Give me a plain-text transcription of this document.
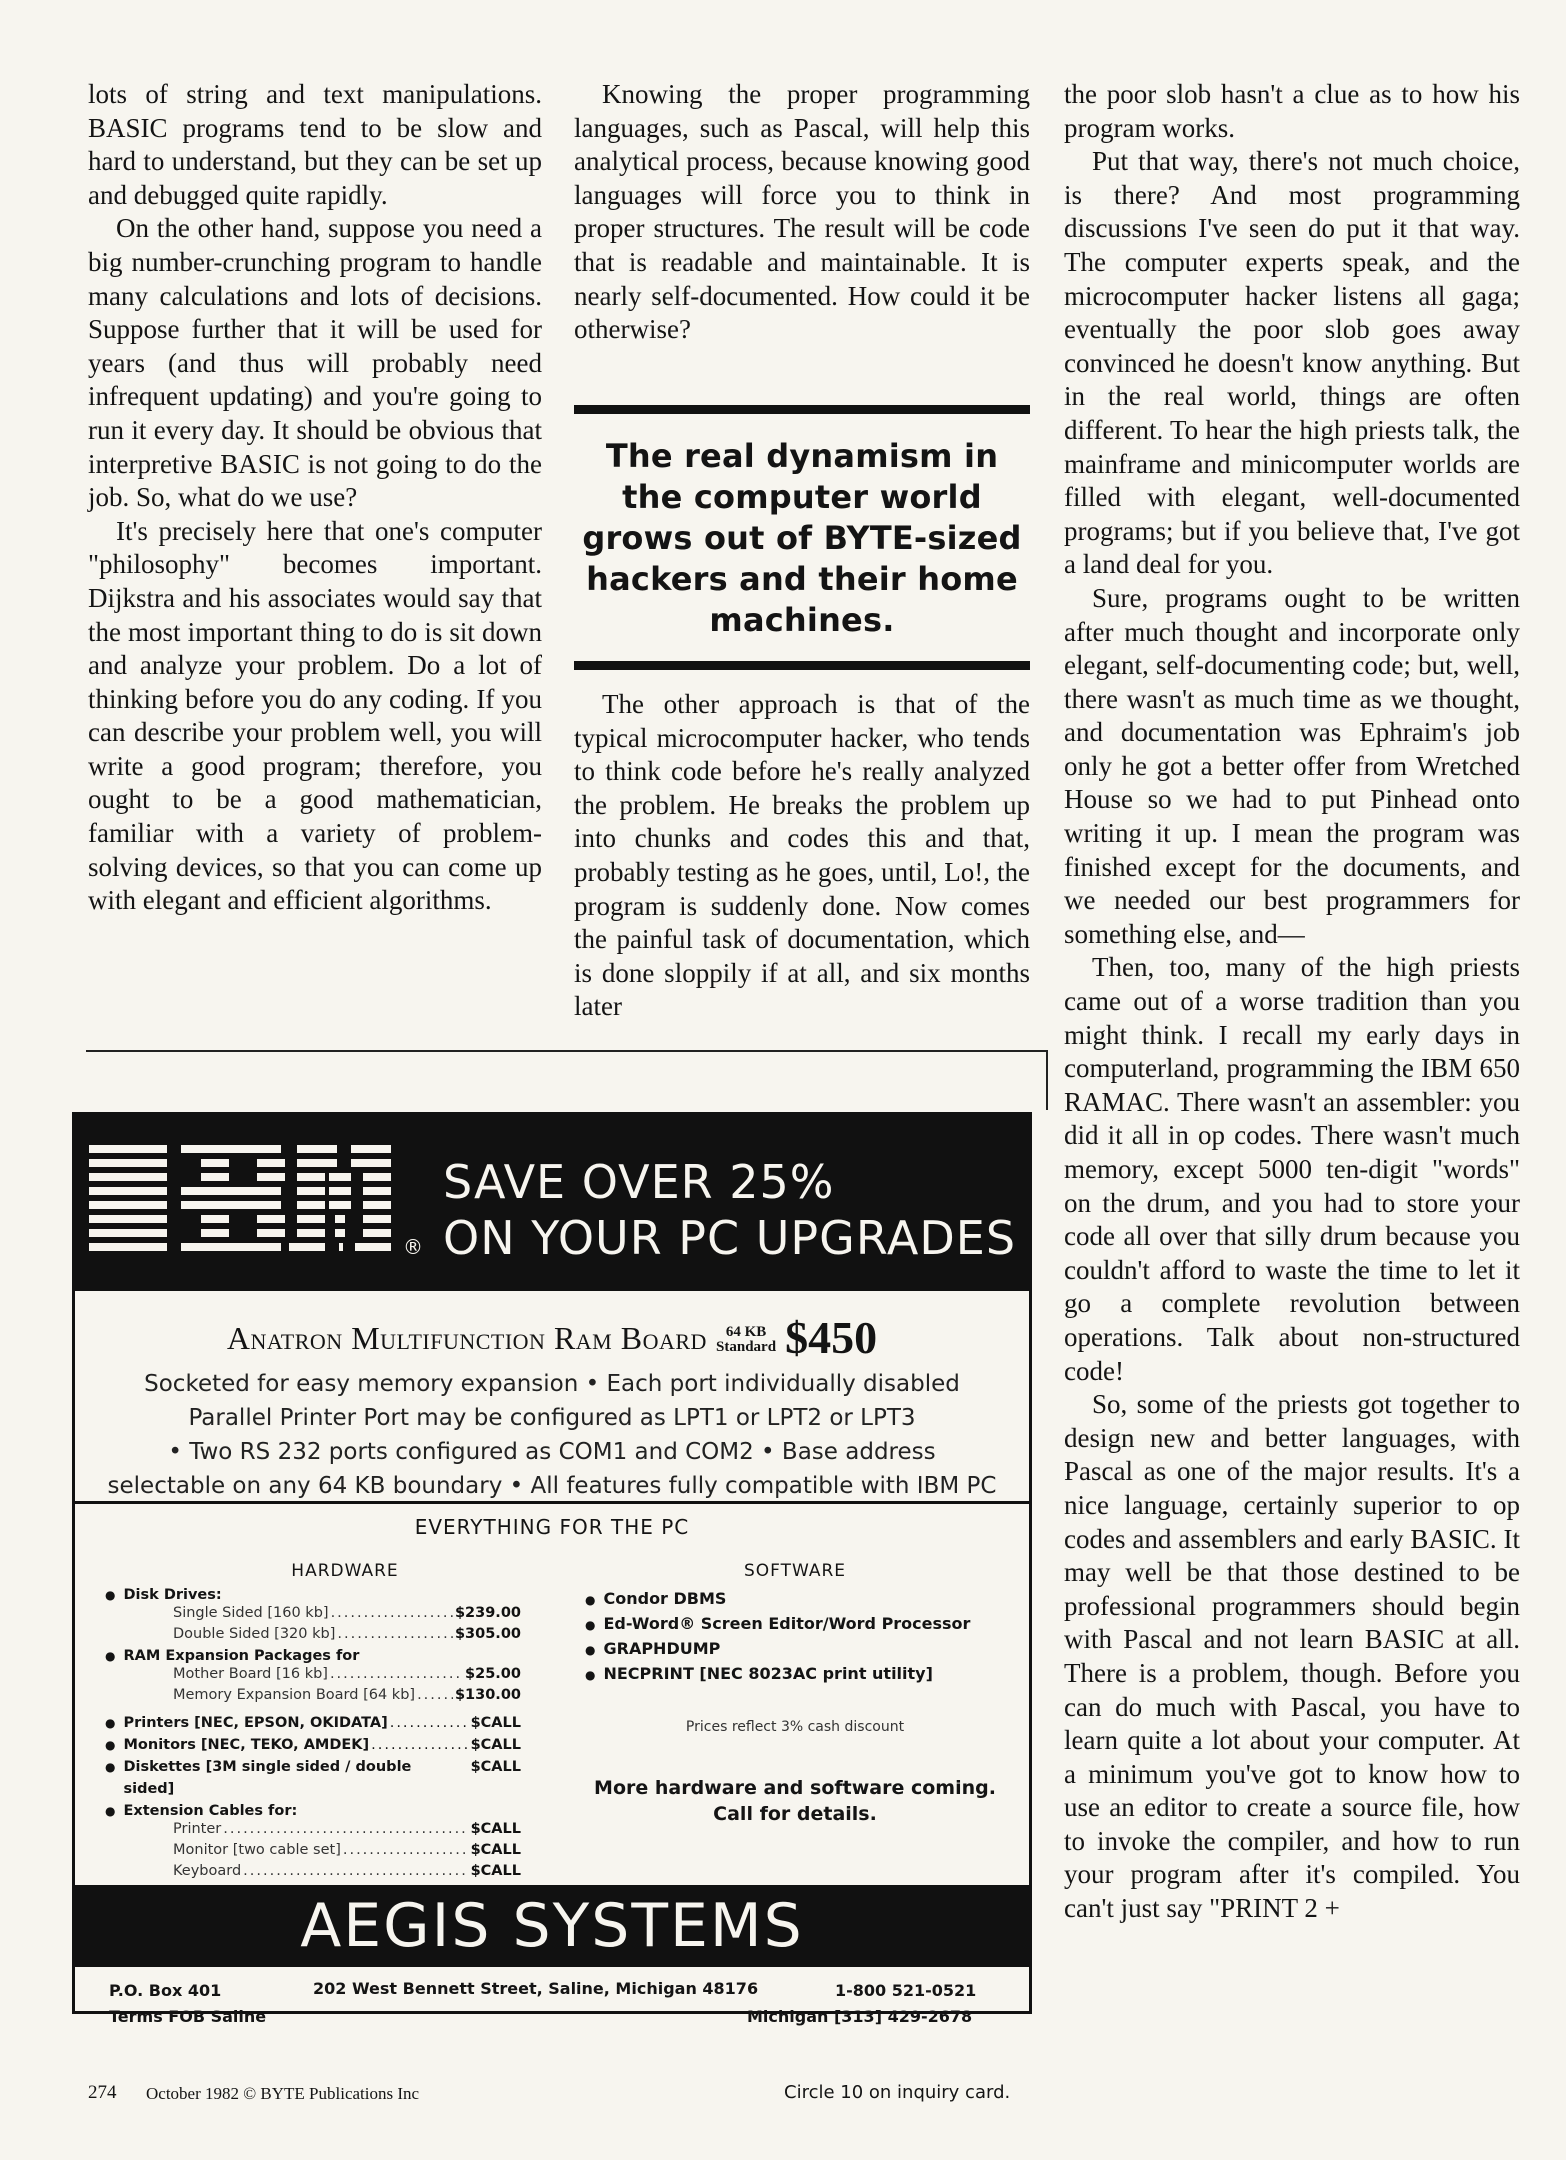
lots of string and text manipulations. BASIC programs tend to be slow and hard to understand, but they can be set up and debugged quite rapidly.

On the other hand, suppose you need a big number-crunching program to handle many calculations and lots of decisions. Suppose further that it will be used for years (and thus will probably need infrequent updating) and you're going to run it every day. It should be obvious that interpretive BASIC is not going to do the job. So, what do we use?

It's precisely here that one's computer "philosophy" becomes important. Dijkstra and his associates would say that the most important thing to do is sit down and analyze your problem. Do a lot of thinking before you do any coding. If you can describe your problem well, you will write a good program; therefore, you ought to be a good mathematician, familiar with a variety of problem-solving devices, so that you can come up with elegant and efficient algorithms.

Knowing the proper programming languages, such as Pascal, will help this analytical process, because knowing good languages will force you to think in proper structures. The result will be code that is readable and maintainable. It is nearly self-documented. How could it be otherwise?

The real dynamism in the computer world grows out of BYTE-sized hackers and their home machines.

The other approach is that of the typical microcomputer hacker, who tends to think code before he's really analyzed the problem. He breaks the problem up into chunks and codes this and that, probably testing as he goes, until, Lo!, the program is suddenly done. Now comes the painful task of documentation, which is done sloppily if at all, and six months later

the poor slob hasn't a clue as to how his program works.

Put that way, there's not much choice, is there? And most programming discussions I've seen do put it that way. The computer experts speak, and the microcomputer hacker listens all gaga; eventually the poor slob goes away convinced he doesn't know anything. But in the real world, things are often different. To hear the high priests talk, the mainframe and minicomputer worlds are filled with elegant, well-documented programs; but if you believe that, I've got a land deal for you.

Sure, programs ought to be written after much thought and incorporate only elegant, self-documenting code; but, well, there wasn't as much time as we thought, and documentation was Ephraim's job only he got a better offer from Wretched House so we had to put Pinhead onto writing it up. I mean the program was finished except for the documents, and we needed our best programmers for something else, and—

Then, too, many of the high priests came out of a worse tradition than you might think. I recall my early days in computerland, programming the IBM 650 RAMAC. There wasn't an assembler: you did it all in op codes. There wasn't much memory, except 5000 ten-digit "words" on the drum, and you had to store your code all over that silly drum because you couldn't afford to waste the time to let it go a complete revolution between operations. Talk about non-structured code!

So, some of the priests got together to design new and better languages, with Pascal as one of the major results. It's a nice language, certainly superior to op codes and assemblers and early BASIC. It may well be that those destined to be professional programmers should begin with Pascal and not learn BASIC at all. There is a problem, though. Before you can do much with Pascal, you have to learn quite a lot about your computer. At a minimum you've got to know how to use an editor to create a source file, how to invoke the compiler, and how to run your program after it's compiled. You can't just say "PRINT 2 +

®
SAVE OVER 25%
ON YOUR PC UPGRADES
Anatron Multifunction Ram Board 64 KB
Standard $450
Socketed for easy memory expansion • Each port individually disabled
Parallel Printer Port may be configured as LPT1 or LPT2 or LPT3
• Two RS 232 ports configured as COM1 and COM2 • Base address
selectable on any 64 KB boundary • All features fully compatible with IBM PC
EVERYTHING FOR THE PC
HARDWARE
● Disk Drives:
Single Sided [160 kb] .....	$239.00
Double Sided [320 kb] .....	$305.00
● RAM Expansion Packages for
Mother Board [16 kb] .....	$25.00
Memory Expansion Board [64 kb] .....	$130.00
● Printers [NEC, EPSON, OKIDATA] .....	$CALL
● Monitors [NEC, TEKO, AMDEK] .....	$CALL
● Diskettes [3M single sided / double sided]
$CALL
● Extension Cables for:
Printer .....	$CALL
Monitor [two cable set] .....	$CALL
Keyboard .....	$CALL
SOFTWARE
● Condor DBMS
● Ed-Word® Screen Editor/Word Processor
● GRAPHDUMP
● NECPRINT [NEC 8023AC print utility]
Prices reflect 3% cash discount
More hardware and software coming.
Call for details.
AEGIS SYSTEMS
P.O. Box 401	202 West Bennett Street, Saline, Michigan 48176	1-800 521-0521
Terms FOB Saline	Michigan [313] 429-2678
274 October 1982 © BYTE Publications Inc	Circle 10 on inquiry card.
